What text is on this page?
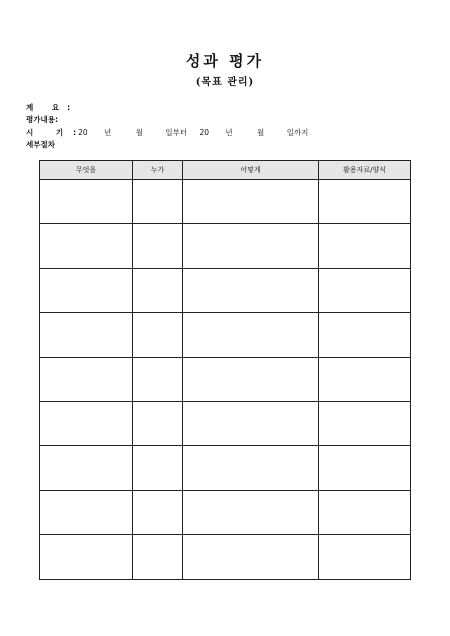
성과 평가
(목표 관리)
계 요 :
평가내용 :
시 기 : 20 년	월	일부터 20 년	월	일까지
세부절차
무엇을	누가	어떻게	활용자료/양식
